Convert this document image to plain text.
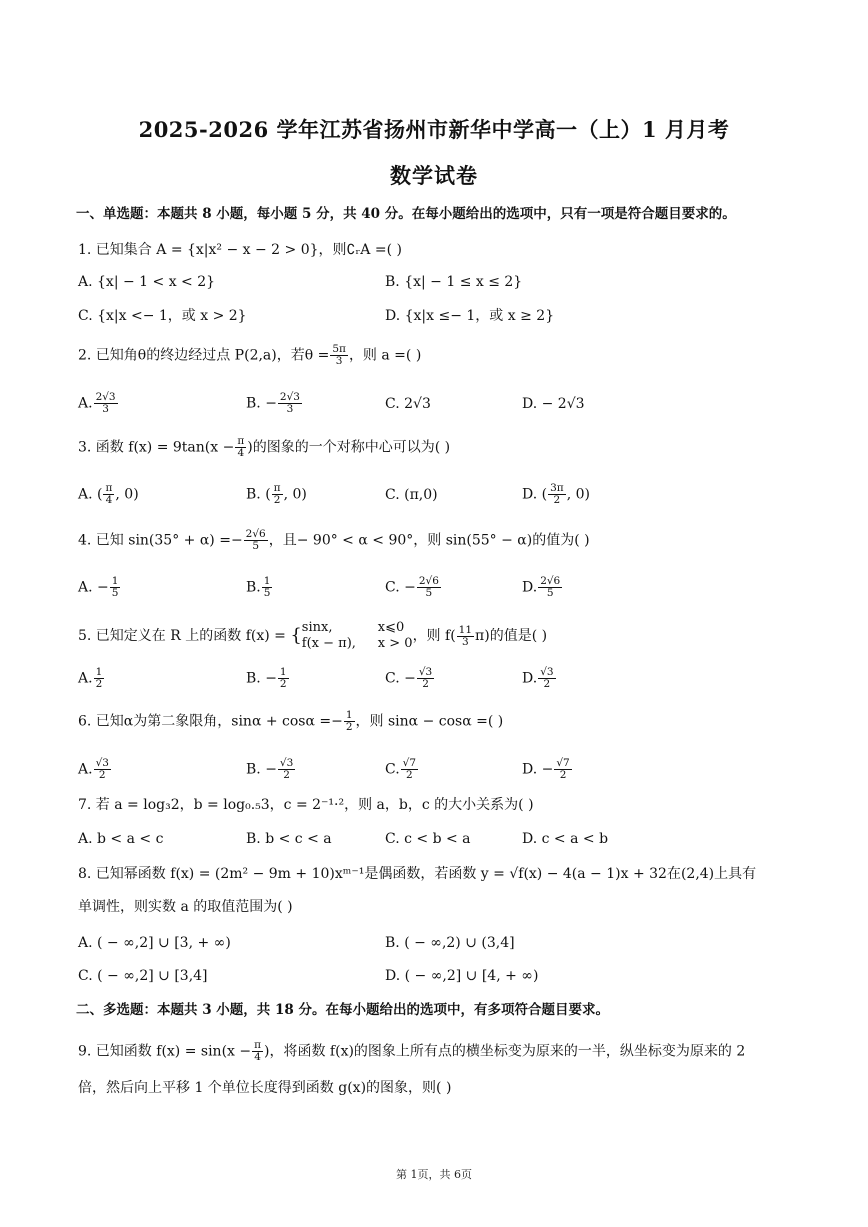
2025-2026 学年江苏省扬州市新华中学高一（上）1 月月考
数学试卷
一、单选题：本题共 8 小题，每小题 5 分，共 40 分。在每小题给出的选项中，只有一项是符合题目要求的。
1. 已知集合 A = {x|x² − x − 2 > 0}，则∁ᵣA =( )
A. {x| − 1 < x < 2}	B. {x| − 1 ≤ x ≤ 2}
C. {x|x <− 1，或 x > 2}	D. {x|x ≤− 1，或 x ≥ 2}
2. 已知角θ的终边经过点 P(2,a)，若$\theta = \frac{5\pi}{3}$ ，则 a =( )
A. $\frac{2√3}{3}$	B. − $\frac{2√3}{3}$	C. 2√3	D. − 2√3
3. 函数 $f(x) = 9\tan(x - \frac{\pi}{4}$ )的图象的一个对称中心可以为( )
A. ( $\frac{\pi}{4}$ , 0)	B. ( $\frac{\pi}{2}$ , 0)	C. (π,0)	D. ( $\frac{3\pi}{2}$ , 0)
4. 已知 $\sin(35^\circ + \alpha) =- \frac{2√6}{5}$ ，且− 90° < α < 90°，则 sin(55° − α)的值为( )
A. − $\frac{1}{5}$	B. $\frac{1}{5}$	C. − $\frac{2√6}{5}$	D. $\frac{2√6}{5}$
5. 已知定义在 R 上的函数 f(x) = { sinx,	x⩽0
f(x − π), x > 0 ，则 $f( \frac{11}{3} \pi)$的值是( )
A. $\frac{1}{2}$	B. − $\frac{1}{2}$	C. − $\frac{√3}{2}$	D. $\frac{√3}{2}$
6. 已知α为第二象限角，$\sin\alpha + \cos\alpha =- \frac{1}{2}$ ，则 sinα − cosα =( )
A. $\frac{√3}{2}$	B. − $\frac{√3}{2}$	C. $\frac{√7}{2}$	D. − $\frac{√7}{2}$
7. 若 a = log₃2，b = log₀.₅3，c = 2⁻¹·²，则 a，b，c 的大小关系为( )
A. b < a < c	B. b < c < a	C. c < b < a	D. c < a < b
8. 已知幂函数 f(x) = (2m² − 9m + 10)xᵐ⁻¹是偶函数，若函数 y = √f(x) − 4(a − 1)x + 32在(2,4)上具有
单调性，则实数 a 的取值范围为( )
A. ( − ∞,2] ∪ [3, + ∞)	B. ( − ∞,2) ∪ (3,4]
C. ( − ∞,2] ∪ [3,4]	D. ( − ∞,2] ∪ [4, + ∞)
二、多选题：本题共 3 小题，共 18 分。在每小题给出的选项中，有多项符合题目要求。
9. 已知函数 $f(x) = \sin(x - \frac{\pi}{4}$ )，将函数 f(x)的图象上所有点的横坐标变为原来的一半，纵坐标变为原来的 2
倍，然后向上平移 1 个单位长度得到函数 g(x)的图象，则( )
第 1页，共 6页
